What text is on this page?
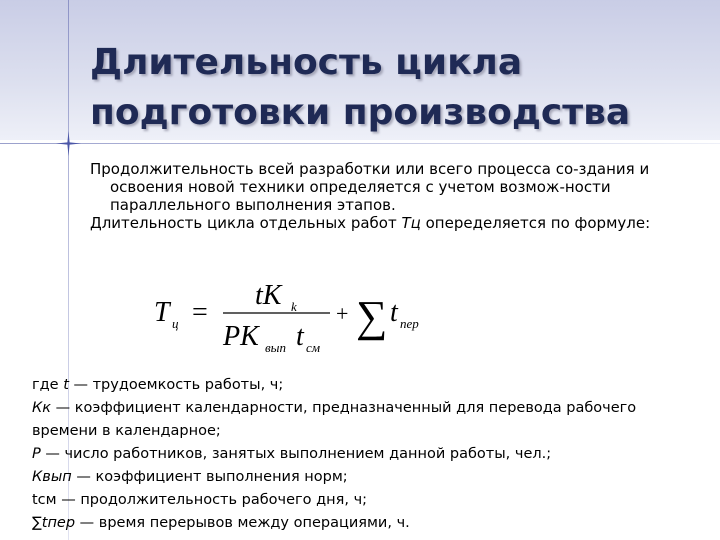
Длительность цикла
подготовки производства

Продолжительность всей разработки или всего процесса со-здания и освоения новой техники определяется с учетом возмож-ности параллельного выполнения этапов.

Длительность цикла отдельных работ Тц опеределяется по формуле:

T ц =
tK k
PK вып t см
+ ∑ t пер

где t — трудоемкость работы, ч;

Кк — коэффициент календарности, предназначенный для перевода рабочего

времени в календарное;

Р — число работников, занятых выполнением данной работы, чел.;

Квып — коэффициент выполнения норм;

tсм — продолжительность рабочего дня, ч;

∑tпер — время перерывов между операциями, ч.
